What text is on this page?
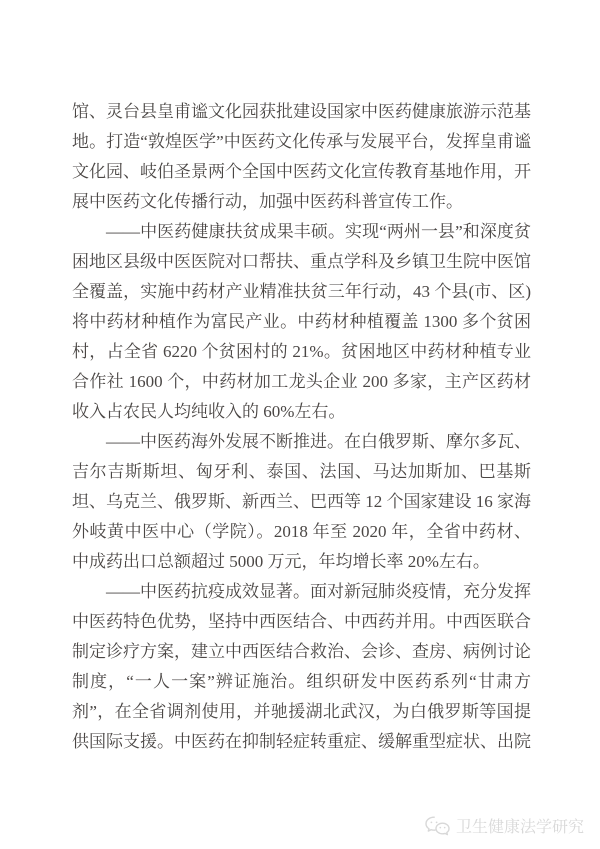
馆、灵台县皇甫谧文化园获批建设国家中医药健康旅游示范基地。打造“敦煌医学”中医药文化传承与发展平台，发挥皇甫谧文化园、岐伯圣景两个全国中医药文化宣传教育基地作用，开展中医药文化传播行动，加强中医药科普宣传工作。

——中医药健康扶贫成果丰硕。实现“两州一县”和深度贫困地区县级中医医院对口帮扶、重点学科及乡镇卫生院中医馆全覆盖，实施中药材产业精准扶贫三年行动，43 个县(市、区)将中药材种植作为富民产业。中药材种植覆盖 1300 多个贫困村，占全省 6220 个贫困村的 21%。贫困地区中药材种植专业合作社 1600 个，中药材加工龙头企业 200 多家，主产区药材收入占农民人均纯收入的 60%左右。

——中医药海外发展不断推进。在白俄罗斯、摩尔多瓦、吉尔吉斯斯坦、匈牙利、泰国、法国、马达加斯加、巴基斯坦、乌克兰、俄罗斯、新西兰、巴西等 12 个国家建设 16 家海外岐黄中医中心（学院）。2018 年至 2020 年，全省中药材、中成药出口总额超过 5000 万元，年均增长率 20%左右。

——中医药抗疫成效显著。面对新冠肺炎疫情，充分发挥中医药特色优势，坚持中西医结合、中西药并用。中西医联合制定诊疗方案，建立中西医结合救治、会诊、查房、病例讨论制度，“一人一案”辨证施治。组织研发中医药系列“甘肃方剂”，在全省调剂使用，并驰援湖北武汉，为白俄罗斯等国提供国际支援。中医药在抑制轻症转重症、缓解重型症状、出院

卫生健康法学研究
